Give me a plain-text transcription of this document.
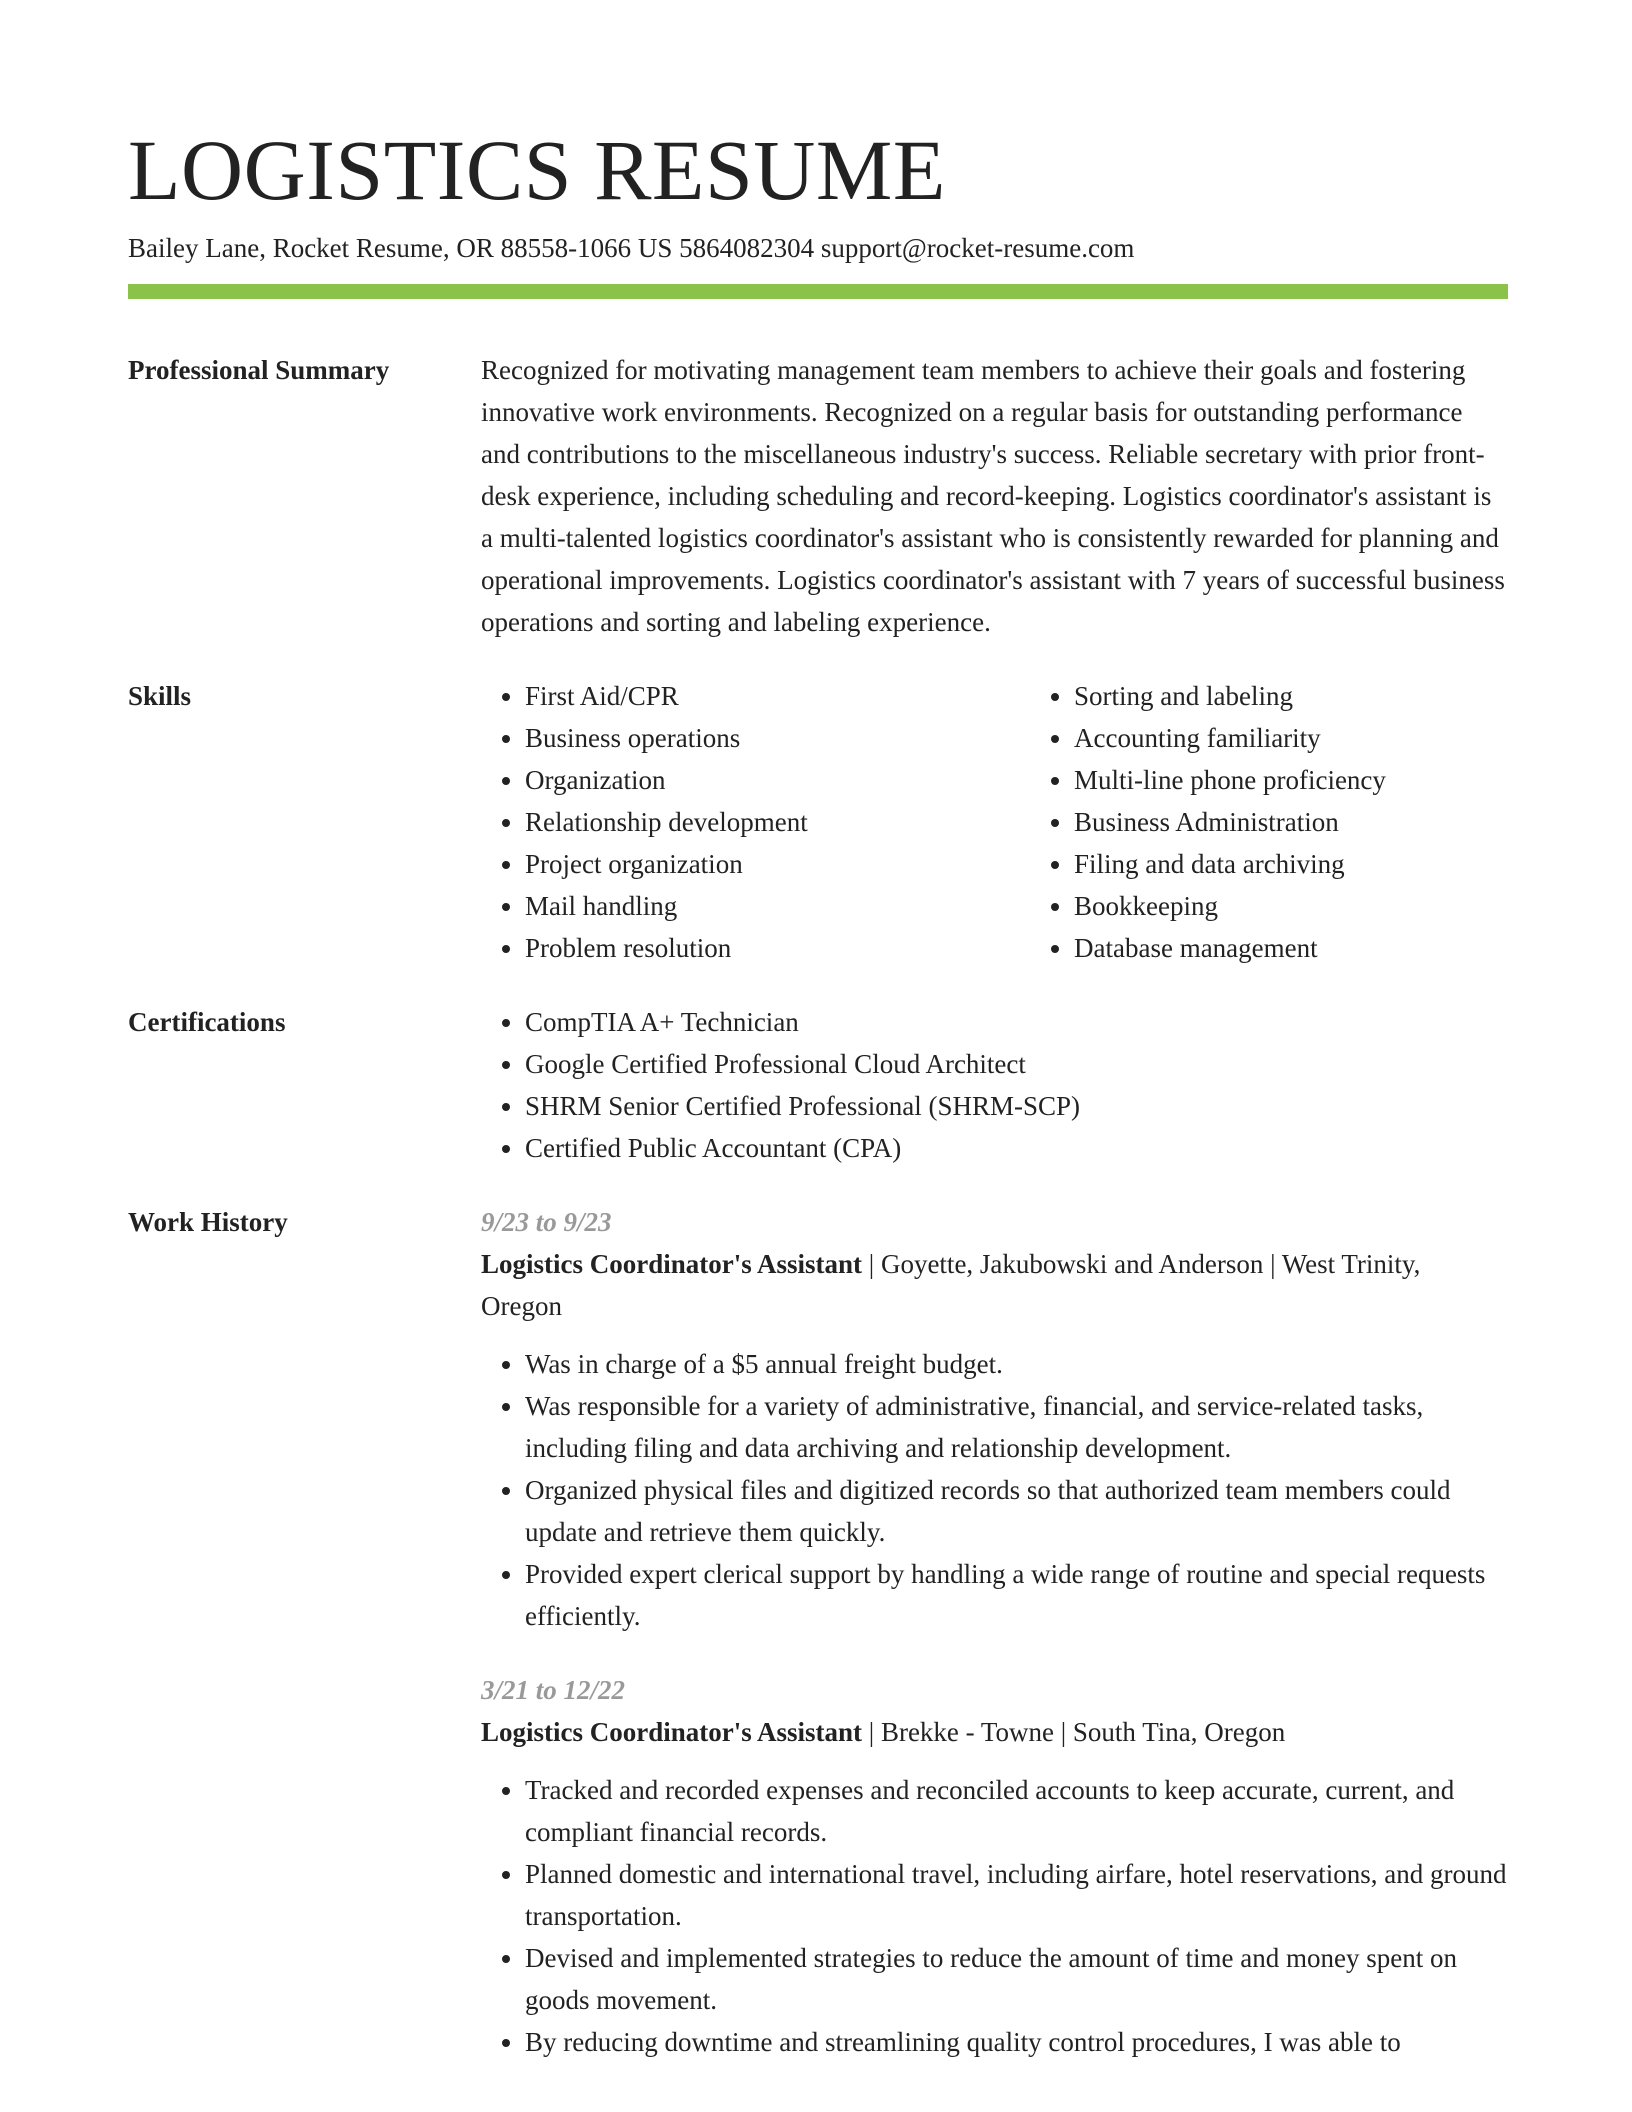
LOGISTICS RESUME
Bailey Lane, Rocket Resume, OR 88558-1066 US 5864082304 support@rocket-resume.com
Professional Summary	Recognized for motivating management team members to achieve their goals and fostering innovative work environments. Recognized on a regular basis for outstanding performance and contributions to the miscellaneous industry's success. Reliable secretary with prior front-desk experience, including scheduling and record-keeping. Logistics coordinator's assistant is a multi-talented logistics coordinator's assistant who is consistently rewarded for planning and operational improvements. Logistics coordinator's assistant with 7 years of successful business operations and sorting and labeling experience.
Skills	• First Aid/CPR
• Business operations
• Organization
• Relationship development
• Project organization
• Mail handling
• Problem resolution
• Sorting and labeling
• Accounting familiarity
• Multi-line phone proficiency
• Business Administration
• Filing and data archiving
• Bookkeeping
• Database management
Certifications	• CompTIA A+ Technician
• Google Certified Professional Cloud Architect
• SHRM Senior Certified Professional (SHRM-SCP)
• Certified Public Accountant (CPA)
Work History	9/23 to 9/23
Logistics Coordinator's Assistant | Goyette, Jakubowski and Anderson | West Trinity, Oregon
• Was in charge of a $5 annual freight budget.
• Was responsible for a variety of administrative, financial, and service-related tasks, including filing and data archiving and relationship development.
• Organized physical files and digitized records so that authorized team members could update and retrieve them quickly.
• Provided expert clerical support by handling a wide range of routine and special requests efficiently.
3/21 to 12/22
Logistics Coordinator's Assistant | Brekke - Towne | South Tina, Oregon
• Tracked and recorded expenses and reconciled accounts to keep accurate, current, and compliant financial records.
• Planned domestic and international travel, including airfare, hotel reservations, and ground transportation.
• Devised and implemented strategies to reduce the amount of time and money spent on goods movement.
• By reducing downtime and streamlining quality control procedures, I was able to
